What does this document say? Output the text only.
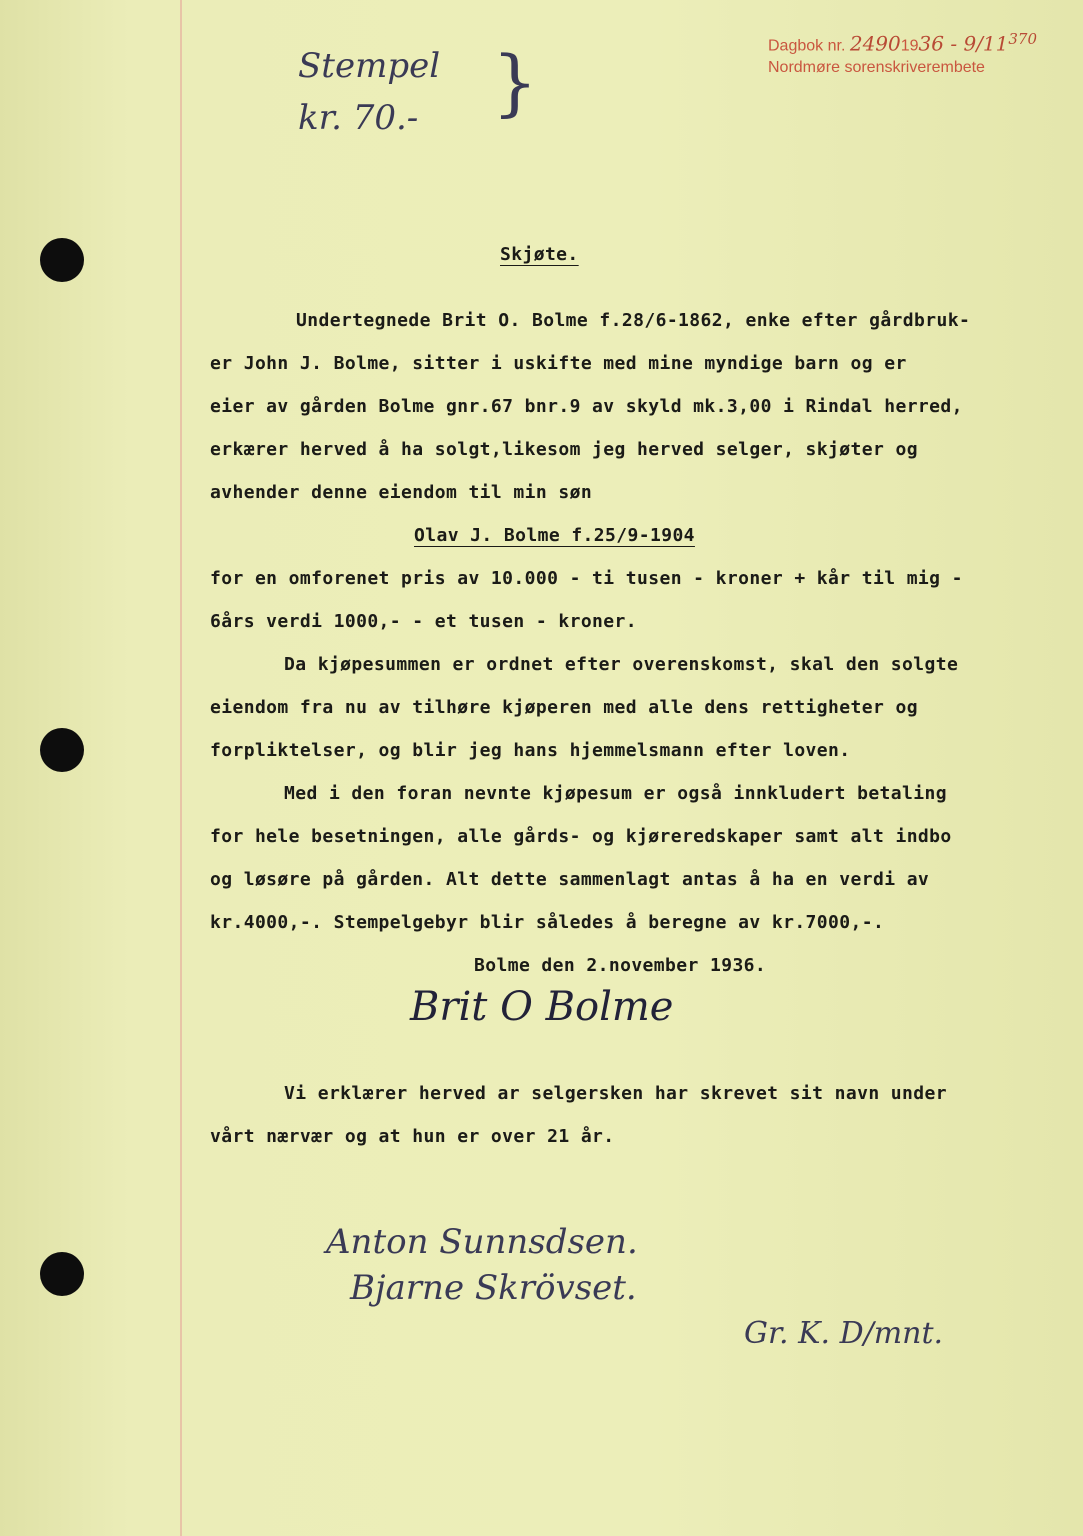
Dagbok nr. $24901936 - 9/11^{370}$
Nordmøre sorenskriverembete
Stempel
kr. 70.- }
Skjøte.
Undertegnede Brit O. Bolme f.28/6-1862, enke efter gårdbruk-
er John J. Bolme, sitter i uskifte med mine myndige barn og er
eier av gården Bolme gnr.67 bnr.9 av skyld mk.3,00 i Rindal herred,
erkærer herved å ha solgt,likesom jeg herved selger, skjøter og
avhender denne eiendom til min søn
Olav J. Bolme f.25/9-1904
for en omforenet pris av 10.000 - ti tusen - kroner + kår til mig -
6års verdi 1000,- - et tusen - kroner.
Da kjøpesummen er ordnet efter overenskomst, skal den solgte
eiendom fra nu av tilhøre kjøperen med alle dens rettigheter og
forpliktelser, og blir jeg hans hjemmelsmann efter loven.
Med i den foran nevnte kjøpesum er også innkludert betaling
for hele besetningen, alle gårds- og kjøreredskaper samt alt indbo
og løsøre på gården. Alt dette sammenlagt antas å ha en verdi av
kr.4000,-. Stempelgebyr blir således å beregne av kr.7000,-.
Bolme den 2.november 1936.
Brit O Bolme
Vi erklærer herved ar selgersken har skrevet sit navn under
vårt nærvær og at hun er over 21 år.
Anton Sunnsdsen.
Bjarne Skrövset.
Gr. K. D/mnt.
